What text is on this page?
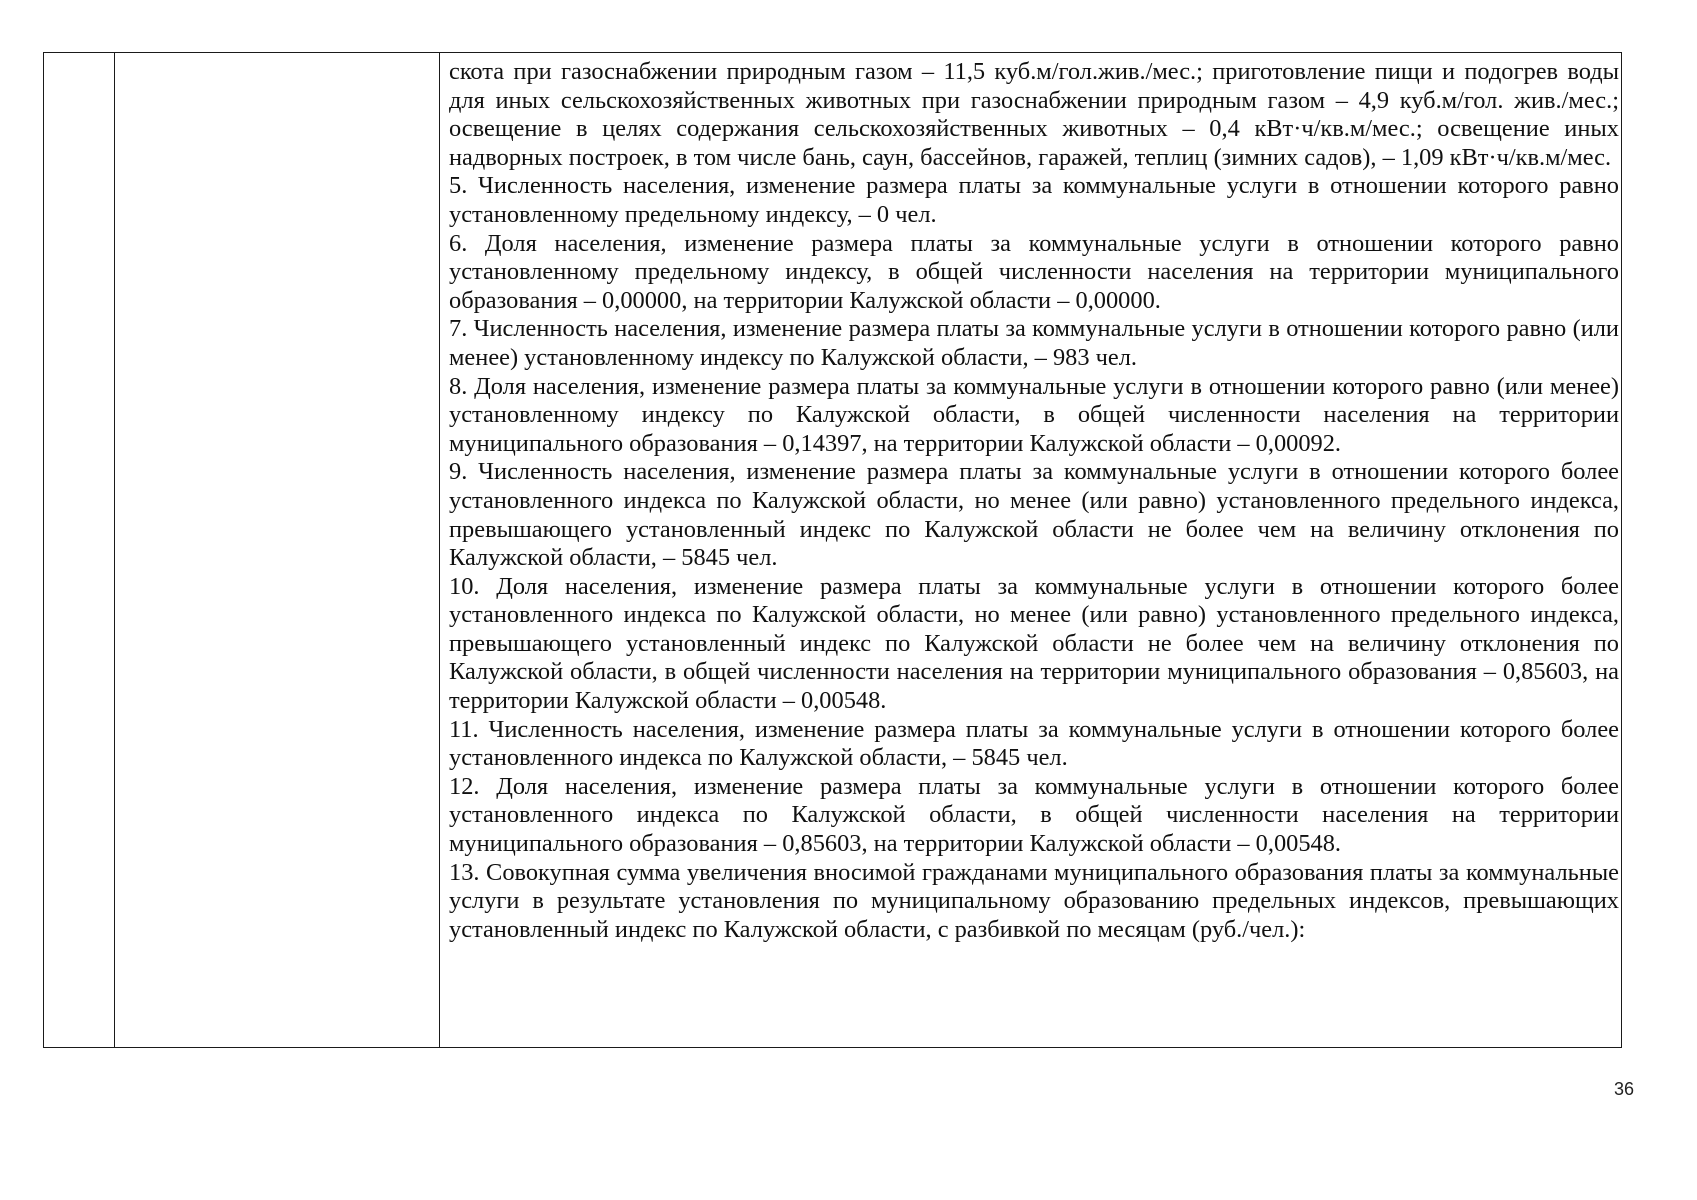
скота при газоснабжении природным газом – 11,5 куб.м/гол.жив./мес.; приготовление пищи и подогрев воды для иных сельскохозяйственных животных при газоснабжении природным газом – 4,9 куб.м/гол. жив./мес.; освещение в целях содержания сельскохозяйственных животных – 0,4 кВт·ч/кв.м/мес.; освещение иных надворных построек, в том числе бань, саун, бассейнов, гаражей, теплиц (зимних садов), – 1,09 кВт·ч/кв.м/мес.

5. Численность населения, изменение размера платы за коммунальные услуги в отношении которого равно установленному предельному индексу, – 0 чел.

6. Доля населения, изменение размера платы за коммунальные услуги в отношении которого равно установленному предельному индексу, в общей численности населения на территории муниципального образования – 0,00000, на территории Калужской области – 0,00000.

7. Численность населения, изменение размера платы за коммунальные услуги в отношении которого равно (или менее) установленному индексу по Калужской области, – 983 чел.

8. Доля населения, изменение размера платы за коммунальные услуги в отношении которого равно (или менее) установленному индексу по Калужской области, в общей численности населения на территории муниципального образования – 0,14397, на территории Калужской области – 0,00092.

9. Численность населения, изменение размера платы за коммунальные услуги в отношении которого более установленного индекса по Калужской области, но менее (или равно) установленного предельного индекса, превышающего установленный индекс по Калужской области не более чем на величину отклонения по Калужской области, – 5845 чел.

10. Доля населения, изменение размера платы за коммунальные услуги в отношении которого более установленного индекса по Калужской области, но менее (или равно) установленного предельного индекса, превышающего установленный индекс по Калужской области не более чем на величину отклонения по Калужской области, в общей численности населения на территории муниципального образования – 0,85603, на территории Калужской области – 0,00548.

11. Численность населения, изменение размера платы за коммунальные услуги в отношении которого более установленного индекса по Калужской области, – 5845 чел.

12. Доля населения, изменение размера платы за коммунальные услуги в отношении которого более установленного индекса по Калужской области, в общей численности населения на территории муниципального образования – 0,85603, на территории Калужской области – 0,00548.

13. Совокупная сумма увеличения вносимой гражданами муниципального образования платы за коммунальные услуги в результате установления по муниципальному образованию предельных индексов, превышающих установленный индекс по Калужской области, с разбивкой по месяцам (руб./чел.):

36
